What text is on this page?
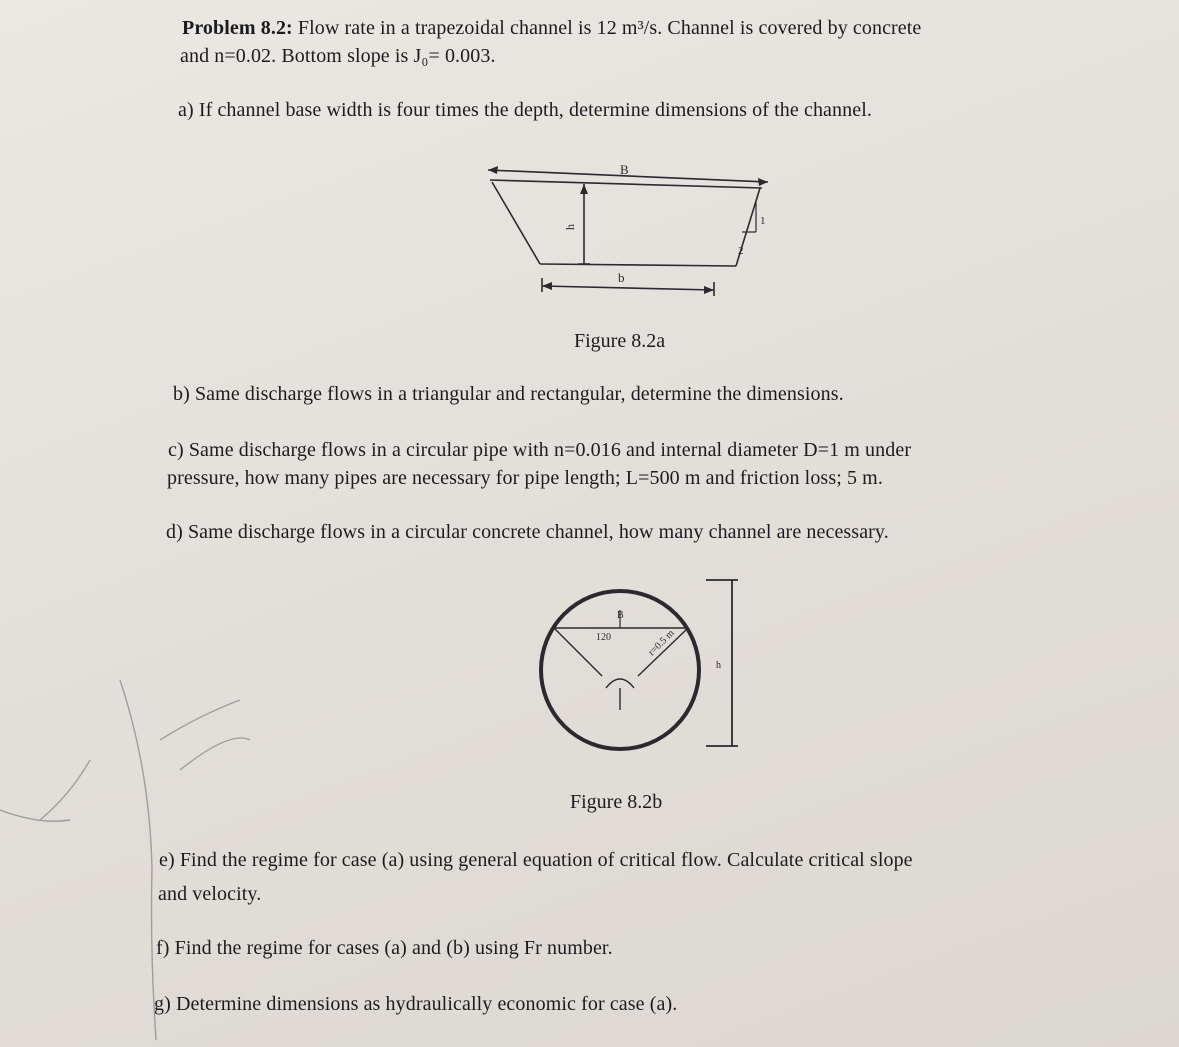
Problem 8.2: Flow rate in a trapezoidal channel is 12 m³/s. Channel is covered by concrete
and n=0.02. Bottom slope is J₀= 0.003.
a) If channel base width is four times the depth, determine dimensions of the channel.
B
b
h	1
2
Figure 8.2a
b) Same discharge flows in a triangular and rectangular, determine the dimensions.
c) Same discharge flows in a circular pipe with n=0.016 and internal diameter D=1 m under
pressure, how many pipes are necessary for pipe length; L=500 m and friction loss; 5 m.
d) Same discharge flows in a circular concrete channel, how many channel are necessary.
B
120	r=0.5 m
h
Figure 8.2b
e) Find the regime for case (a) using general equation of critical flow. Calculate critical slope
and velocity.
f) Find the regime for cases (a) and (b) using Fr number.
g) Determine dimensions as hydraulically economic for case (a).
